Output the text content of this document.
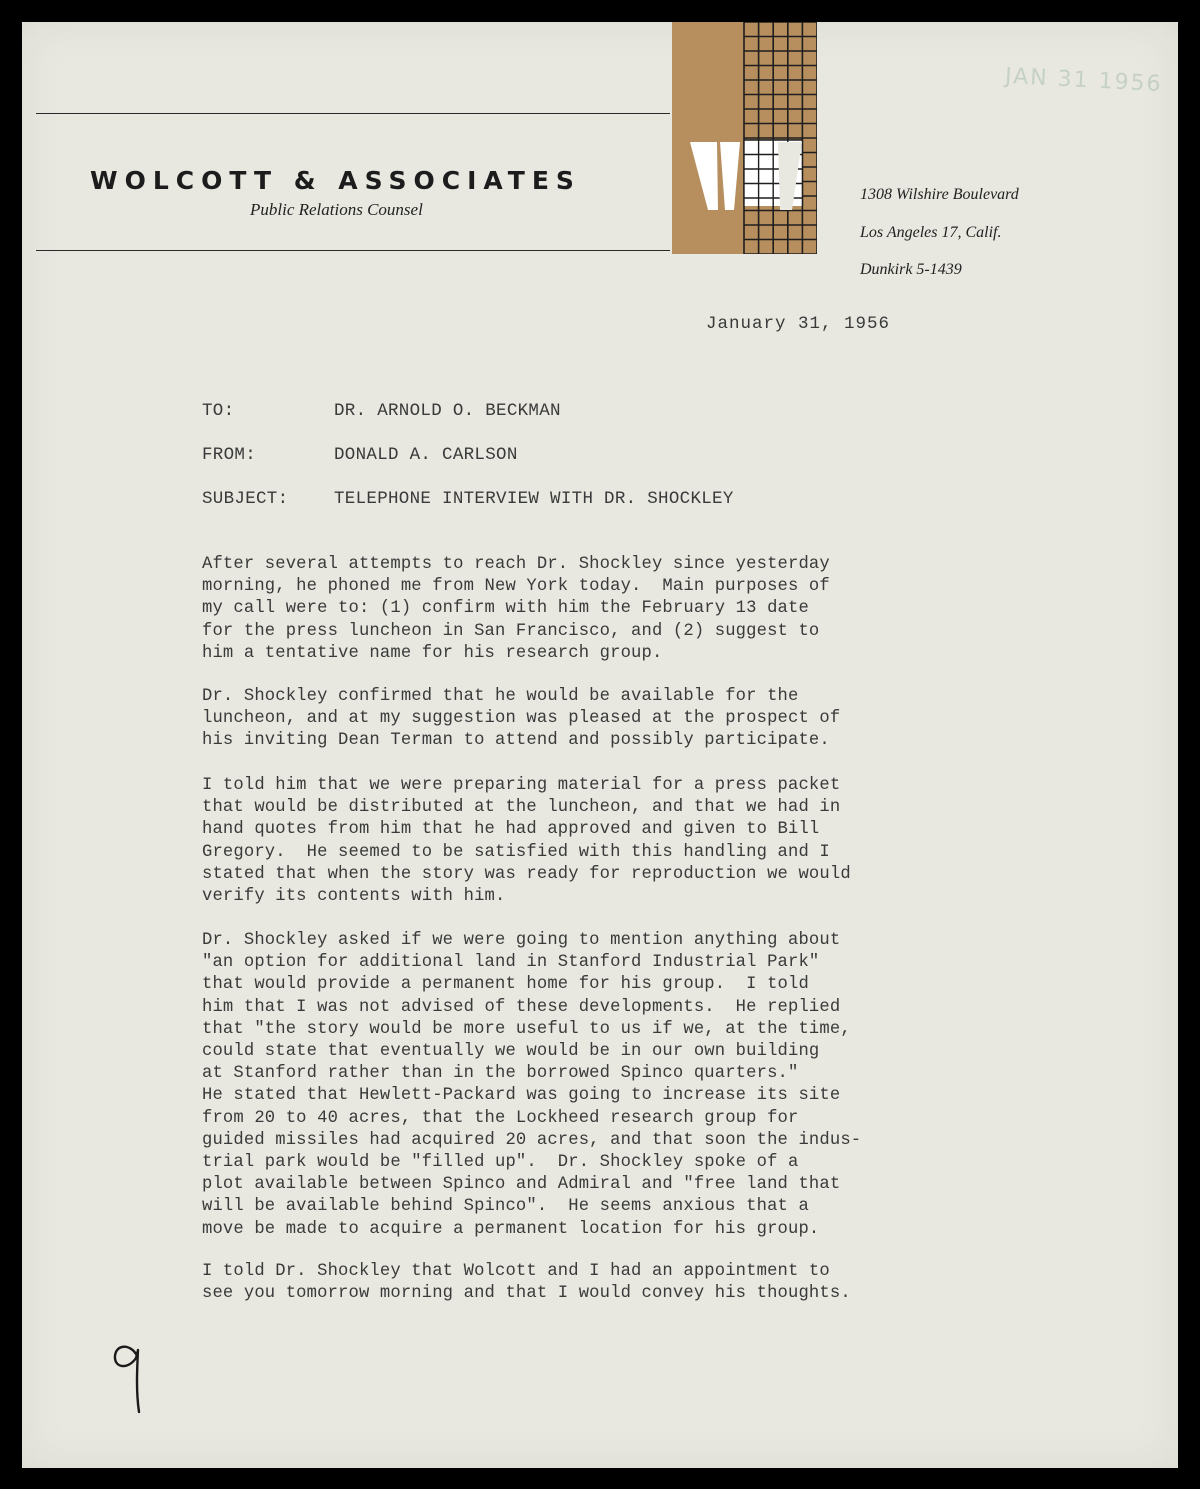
WOLCOTT & ASSOCIATES

Public Relations Counsel

1308 Wilshire Boulevard

Los Angeles 17, Calif.

Dunkirk 5-1439

JAN 31 1956

January 31, 1956

TO:	DR. ARNOLD O. BECKMAN

FROM:	DONALD A. CARLSON

SUBJECT:	TELEPHONE INTERVIEW WITH DR. SHOCKLEY

After several attempts to reach Dr. Shockley since yesterday
morning, he phoned me from New York today.  Main purposes of
my call were to: (1) confirm with him the February 13 date
for the press luncheon in San Francisco, and (2) suggest to
him a tentative name for his research group.
Dr. Shockley confirmed that he would be available for the
luncheon, and at my suggestion was pleased at the prospect of
his inviting Dean Terman to attend and possibly participate.
I told him that we were preparing material for a press packet
that would be distributed at the luncheon, and that we had in
hand quotes from him that he had approved and given to Bill
Gregory.  He seemed to be satisfied with this handling and I
stated that when the story was ready for reproduction we would
verify its contents with him.
Dr. Shockley asked if we were going to mention anything about
"an option for additional land in Stanford Industrial Park"
that would provide a permanent home for his group.  I told
him that I was not advised of these developments.  He replied
that "the story would be more useful to us if we, at the time,
could state that eventually we would be in our own building
at Stanford rather than in the borrowed Spinco quarters."
He stated that Hewlett-Packard was going to increase its site
from 20 to 40 acres, that the Lockheed research group for
guided missiles had acquired 20 acres, and that soon the indus-
trial park would be "filled up".  Dr. Shockley spoke of a
plot available between Spinco and Admiral and "free land that
will be available behind Spinco".  He seems anxious that a
move be made to acquire a permanent location for his group.
I told Dr. Shockley that Wolcott and I had an appointment to
see you tomorrow morning and that I would convey his thoughts.
